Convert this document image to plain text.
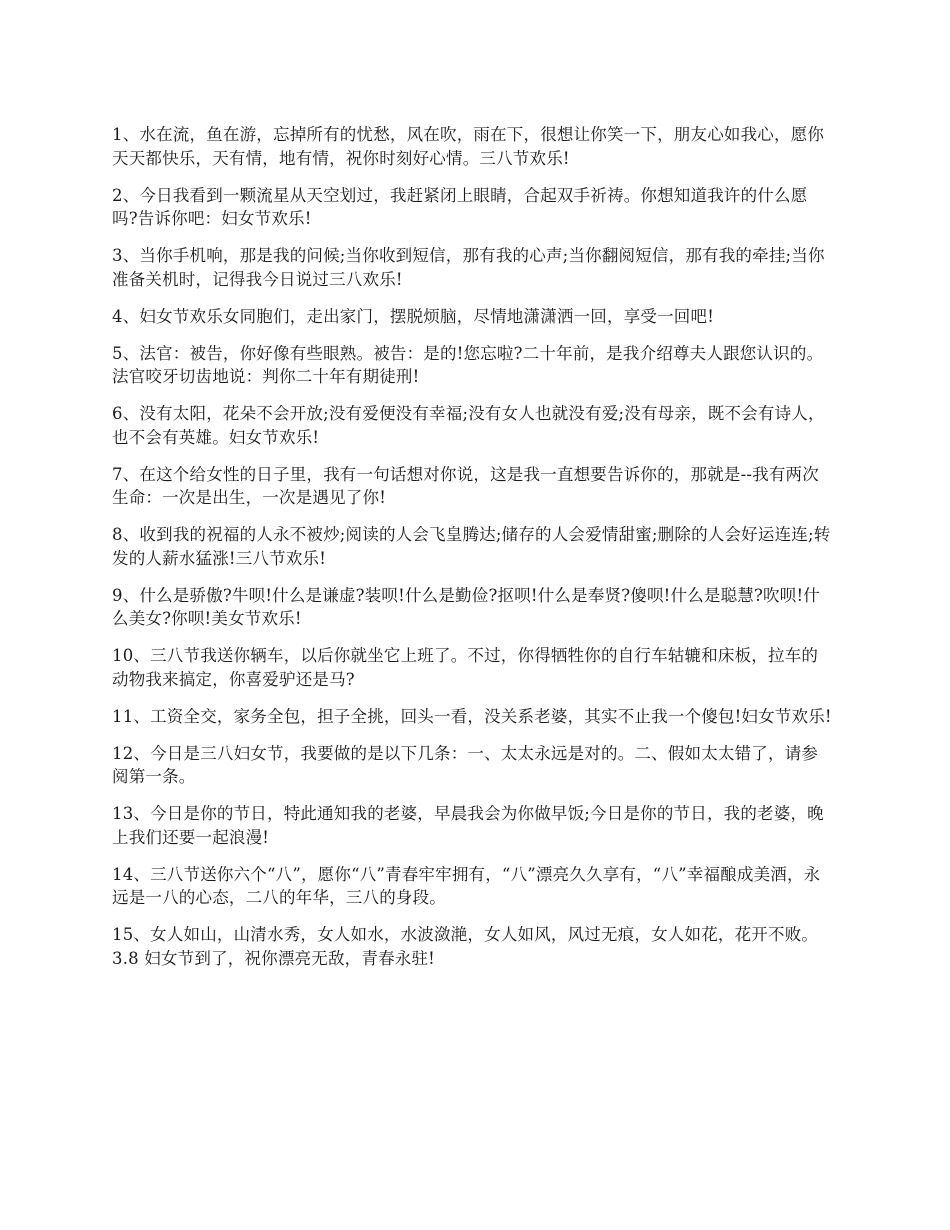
1、水在流，鱼在游，忘掉所有的忧愁，风在吹，雨在下，很想让你笑一下，朋友心如我心，愿你天天都快乐，天有情，地有情，祝你时刻好心情。三八节欢乐!

2、今日我看到一颗流星从天空划过，我赶紧闭上眼睛，合起双手祈祷。你想知道我许的什么愿吗?告诉你吧：妇女节欢乐!

3、当你手机响，那是我的问候;当你收到短信，那有我的心声;当你翻阅短信，那有我的牵挂;当你准备关机时，记得我今日说过三八欢乐!

4、妇女节欢乐女同胞们，走出家门，摆脱烦脑，尽情地潇潇洒一回，享受一回吧!

5、法官：被告，你好像有些眼熟。被告：是的!您忘啦?二十年前，是我介绍尊夫人跟您认识的。法官咬牙切齿地说：判你二十年有期徒刑!

6、没有太阳，花朵不会开放;没有爱便没有幸福;没有女人也就没有爱;没有母亲，既不会有诗人，也不会有英雄。妇女节欢乐!

7、在这个给女性的日子里，我有一句话想对你说，这是我一直想要告诉你的，那就是--我有两次生命：一次是出生，一次是遇见了你!

8、收到我的祝福的人永不被炒;阅读的人会飞皇腾达;储存的人会爱情甜蜜;删除的人会好运连连;转发的人薪水猛涨!三八节欢乐!

9、什么是骄傲?牛呗!什么是谦虚?装呗!什么是勤俭?抠呗!什么是奉贤?傻呗!什么是聪慧?吹呗!什么美女?你呗!美女节欢乐!

10、三八节我送你辆车，以后你就坐它上班了。不过，你得牺牲你的自行车轱辘和床板，拉车的动物我来搞定，你喜爱驴还是马?

11、工资全交，家务全包，担子全挑，回头一看，没关系老婆，其实不止我一个傻包!妇女节欢乐!

12、今日是三八妇女节，我要做的是以下几条：一、太太永远是对的。二、假如太太错了，请参阅第一条。

13、今日是你的节日，特此通知我的老婆，早晨我会为你做早饭;今日是你的节日，我的老婆，晚上我们还要一起浪漫!

14、三八节送你六个“八”，愿你“八”青春牢牢拥有，“八”漂亮久久享有，“八”幸福酿成美酒，永远是一八的心态，二八的年华，三八的身段。

15、女人如山，山清水秀，女人如水，水波潋滟，女人如风，风过无痕，女人如花，花开不败。3.8 妇女节到了，祝你漂亮无敌，青春永驻!
